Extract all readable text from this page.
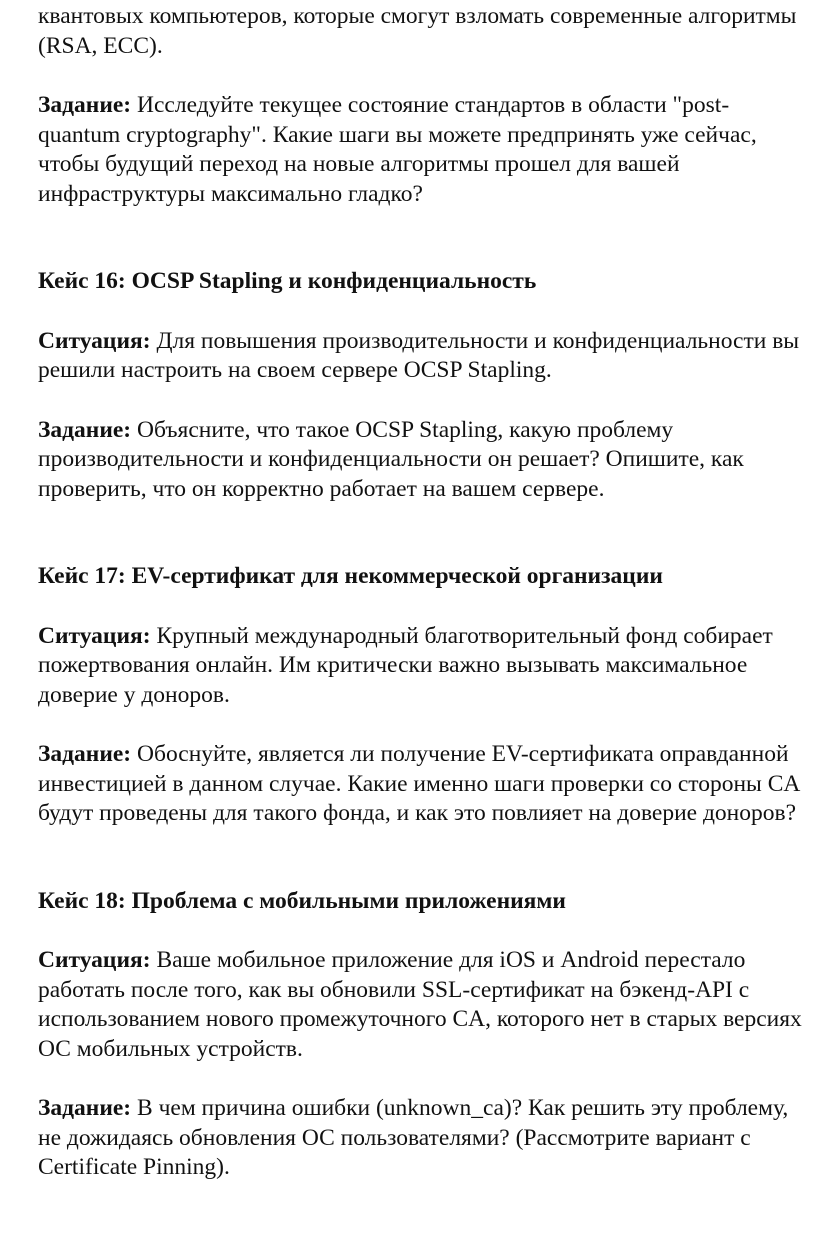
квантовых компьютеров, которые смогут взломать современные алгоритмы (RSA, ECC).

Задание: Исследуйте текущее состояние стандартов в области "post-quantum cryptography". Какие шаги вы можете предпринять уже сейчас, чтобы будущий переход на новые алгоритмы прошел для вашей инфраструктуры максимально гладко?

Кейс 16: OCSP Stapling и конфиденциальность

Ситуация: Для повышения производительности и конфиденциальности вы решили настроить на своем сервере OCSP Stapling.

Задание: Объясните, что такое OCSP Stapling, какую проблему производительности и конфиденциальности он решает? Опишите, как проверить, что он корректно работает на вашем сервере.

Кейс 17: EV-сертификат для некоммерческой организации

Ситуация: Крупный международный благотворительный фонд собирает пожертвования онлайн. Им критически важно вызывать максимальное доверие у доноров.

Задание: Обоснуйте, является ли получение EV-сертификата оправданной инвестицией в данном случае. Какие именно шаги проверки со стороны CA будут проведены для такого фонда, и как это повлияет на доверие доноров?

Кейс 18: Проблема с мобильными приложениями

Ситуация: Ваше мобильное приложение для iOS и Android перестало работать после того, как вы обновили SSL-сертификат на бэкенд-API с использованием нового промежуточного CA, которого нет в старых версиях ОС мобильных устройств.

Задание: В чем причина ошибки (unknown_ca)? Как решить эту проблему, не дожидаясь обновления ОС пользователями? (Рассмотрите вариант с Certificate Pinning).
